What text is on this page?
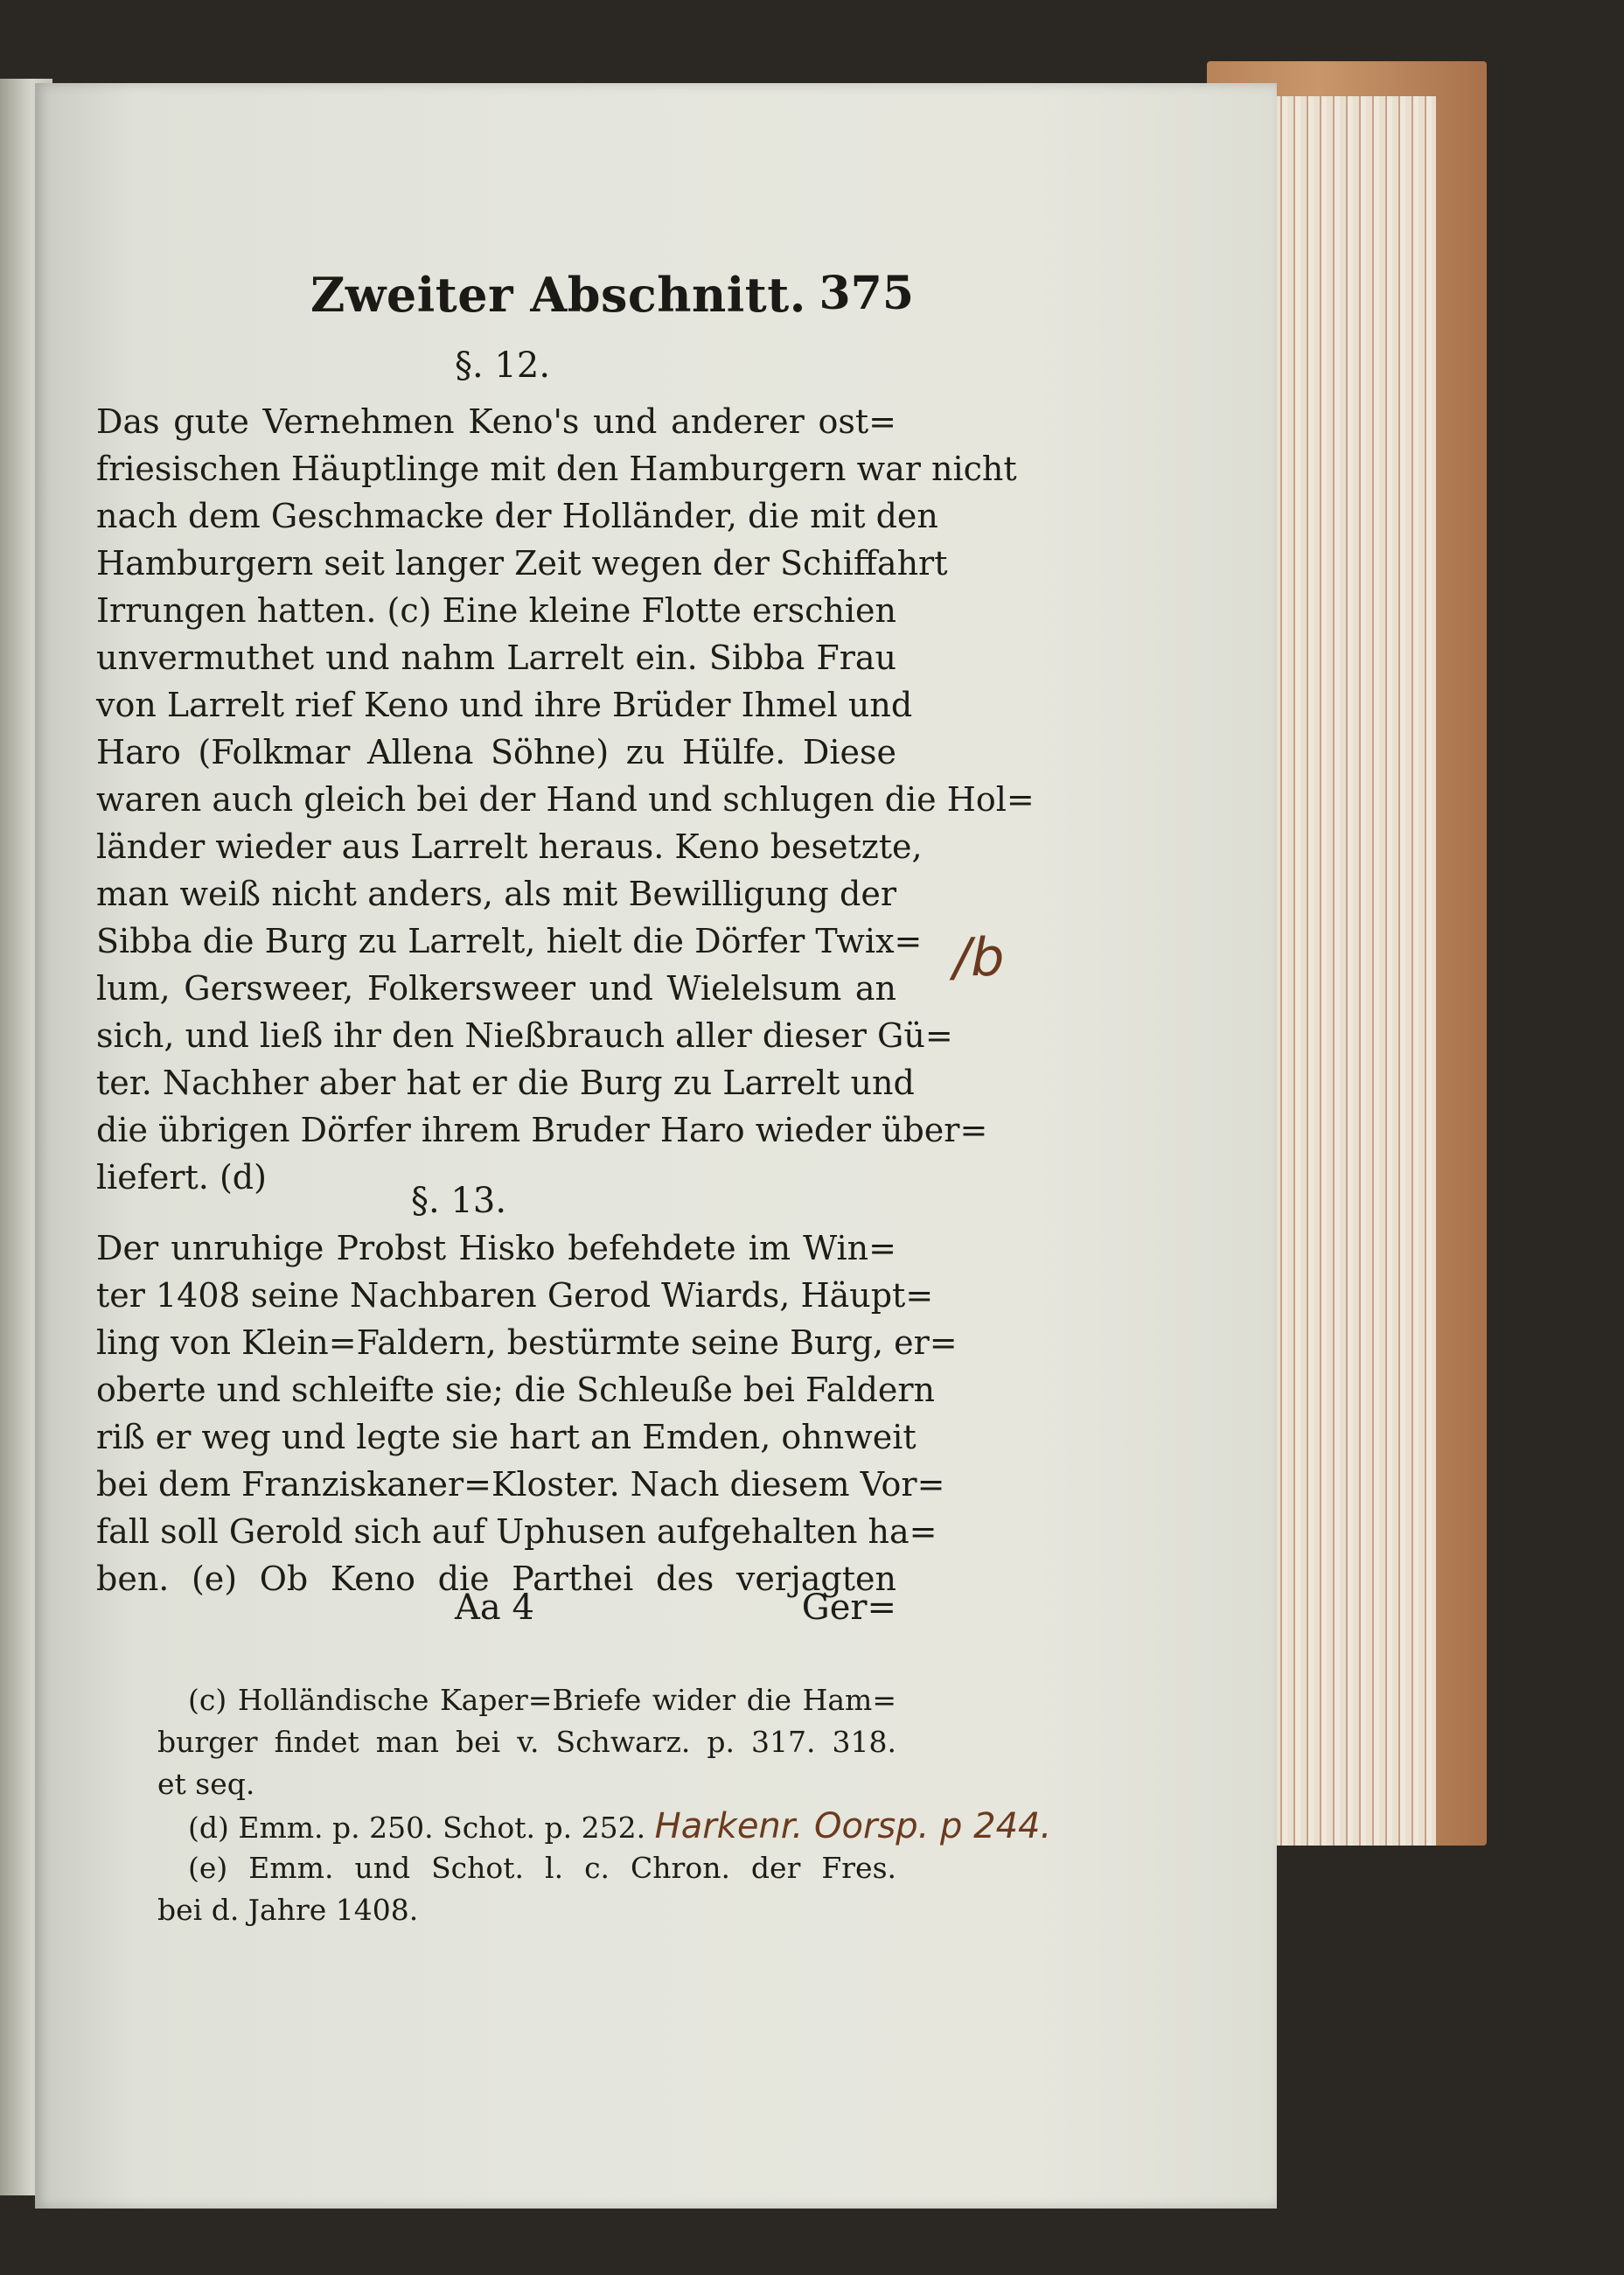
Zweiter Abschnitt. 375
§. 12.
Das gute Vernehmen Keno's und anderer ost=
friesischen Häuptlinge mit den Hamburgern war nicht
nach dem Geschmacke der Holländer, die mit den
Hamburgern seit langer Zeit wegen der Schiffahrt
Irrungen hatten. (c) Eine kleine Flotte erschien
unvermuthet und nahm Larrelt ein. Sibba Frau
von Larrelt rief Keno und ihre Brüder Ihmel und
Haro (Folkmar Allena Söhne) zu Hülfe. Diese
waren auch gleich bei der Hand und schlugen die Hol=
länder wieder aus Larrelt heraus. Keno besetzte,
man weiß nicht anders, als mit Bewilligung der
Sibba die Burg zu Larrelt, hielt die Dörfer Twix=
lum, Gersweer, Folkersweer und Wielelsum an
sich, und ließ ihr den Nießbrauch aller dieser Gü=
ter. Nachher aber hat er die Burg zu Larrelt und
die übrigen Dörfer ihrem Bruder Haro wieder über=
liefert. (d)
/b
§. 13.
Der unruhige Probst Hisko befehdete im Win=
ter 1408 seine Nachbaren Gerod Wiards, Häupt=
ling von Klein=Faldern, bestürmte seine Burg, er=
oberte und schleifte sie; die Schleuße bei Faldern
riß er weg und legte sie hart an Emden, ohnweit
bei dem Franziskaner=Kloster. Nach diesem Vor=
fall soll Gerold sich auf Uphusen aufgehalten ha=
ben. (e) Ob Keno die Parthei des verjagten
Aa 4	Ger=
(c) Holländische Kaper=Briefe wider die Ham=
burger findet man bei v. Schwarz. p. 317. 318.
et seq.
(d) Emm. p. 250. Schot. p. 252. Harkenr. Oorsp. p 244.
(e) Emm. und Schot. l. c. Chron. der Fres.
bei d. Jahre 1408.
